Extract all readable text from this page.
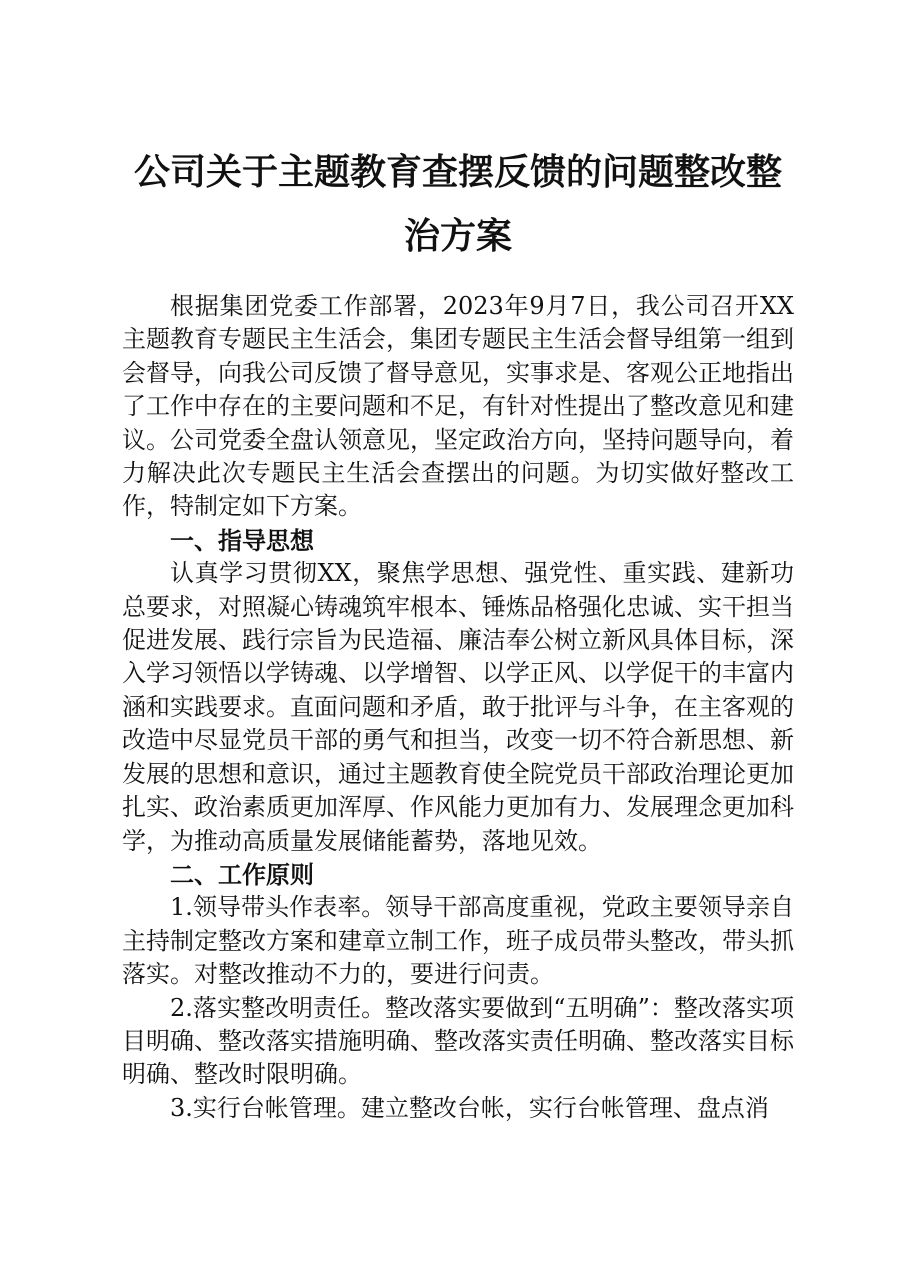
公司关于主题教育查摆反馈的问题整改整治方案

根据集团党委工作部署，2023年9月7日，我公司召开XX主题教育专题民主生活会，集团专题民主生活会督导组第一组到会督导，向我公司反馈了督导意见，实事求是、客观公正地指出了工作中存在的主要问题和不足，有针对性提出了整改意见和建议。公司党委全盘认领意见，坚定政治方向，坚持问题导向，着力解决此次专题民主生活会查摆出的问题。为切实做好整改工作，特制定如下方案。

一、指导思想

认真学习贯彻XX，聚焦学思想、强党性、重实践、建新功总要求，对照凝心铸魂筑牢根本、锤炼品格强化忠诚、实干担当促进发展、践行宗旨为民造福、廉洁奉公树立新风具体目标，深入学习领悟以学铸魂、以学增智、以学正风、以学促干的丰富内涵和实践要求。直面问题和矛盾，敢于批评与斗争，在主客观的改造中尽显党员干部的勇气和担当，改变一切不符合新思想、新发展的思想和意识，通过主题教育使全院党员干部政治理论更加扎实、政治素质更加浑厚、作风能力更加有力、发展理念更加科学，为推动高质量发展储能蓄势，落地见效。

二、工作原则

1.领导带头作表率。领导干部高度重视，党政主要领导亲自主持制定整改方案和建章立制工作，班子成员带头整改，带头抓落实。对整改推动不力的，要进行问责。

2.落实整改明责任。整改落实要做到“五明确”：整改落实项目明确、整改落实措施明确、整改落实责任明确、整改落实目标明确、整改时限明确。

3.实行台帐管理。建立整改台帐，实行台帐管理、盘点消
